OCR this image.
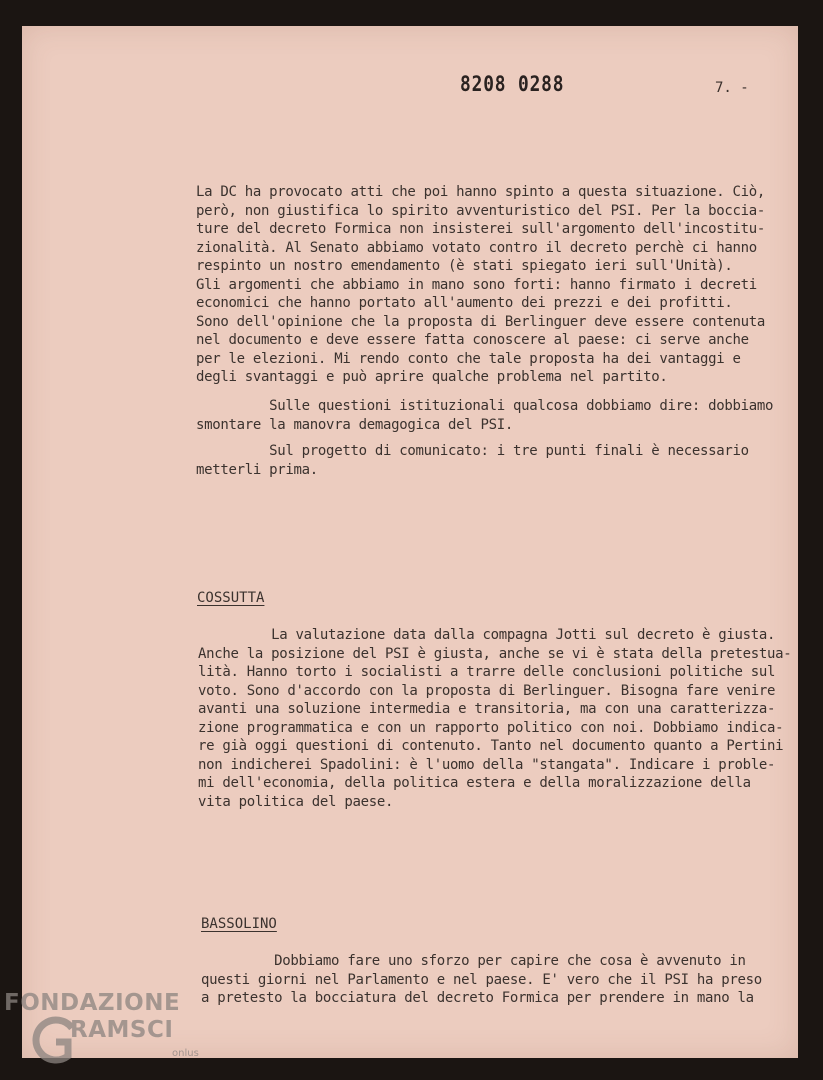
8208 0288	7. -
La DC ha provocato atti che poi hanno spinto a questa situazione. Ciò,
però, non giustifica lo spirito avventuristico del PSI. Per la boccia-
ture del decreto Formica non insisterei sull'argomento dell'incostitu-
zionalità. Al Senato abbiamo votato contro il decreto perchè ci hanno
respinto un nostro emendamento (è stati spiegato ieri sull'Unità).
Gli argomenti che abbiamo in mano sono forti: hanno firmato i decreti
economici che hanno portato all'aumento dei prezzi e dei profitti.
Sono dell'opinione che la proposta di Berlinguer deve essere contenuta
nel documento e deve essere fatta conoscere al paese: ci serve anche
per le elezioni. Mi rendo conto che tale proposta ha dei vantaggi e
degli svantaggi e può aprire qualche problema nel partito.
Sulle questioni istituzionali qualcosa dobbiamo dire: dobbiamo
smontare la manovra demagogica del PSI.
Sul progetto di comunicato: i tre punti finali è necessario
metterli prima.
COSSUTTA
La valutazione data dalla compagna Jotti sul decreto è giusta.
Anche la posizione del PSI è giusta, anche se vi è stata della pretestua-
lità. Hanno torto i socialisti a trarre delle conclusioni politiche sul
voto. Sono d'accordo con la proposta di Berlinguer. Bisogna fare venire
avanti una soluzione intermedia e transitoria, ma con una caratterizza-
zione programmatica e con un rapporto politico con noi. Dobbiamo indica-
re già oggi questioni di contenuto. Tanto nel documento quanto a Pertini
non indicherei Spadolini: è l'uomo della "stangata". Indicare i proble-
mi dell'economia, della politica estera e della moralizzazione della
vita politica del paese.
BASSOLINO
Dobbiamo fare uno sforzo per capire che cosa è avvenuto in
questi giorni nel Parlamento e nel paese. E' vero che il PSI ha preso
a pretesto la bocciatura del decreto Formica per prendere in mano la
FONDAZIONE
RAMSCI
onlus
